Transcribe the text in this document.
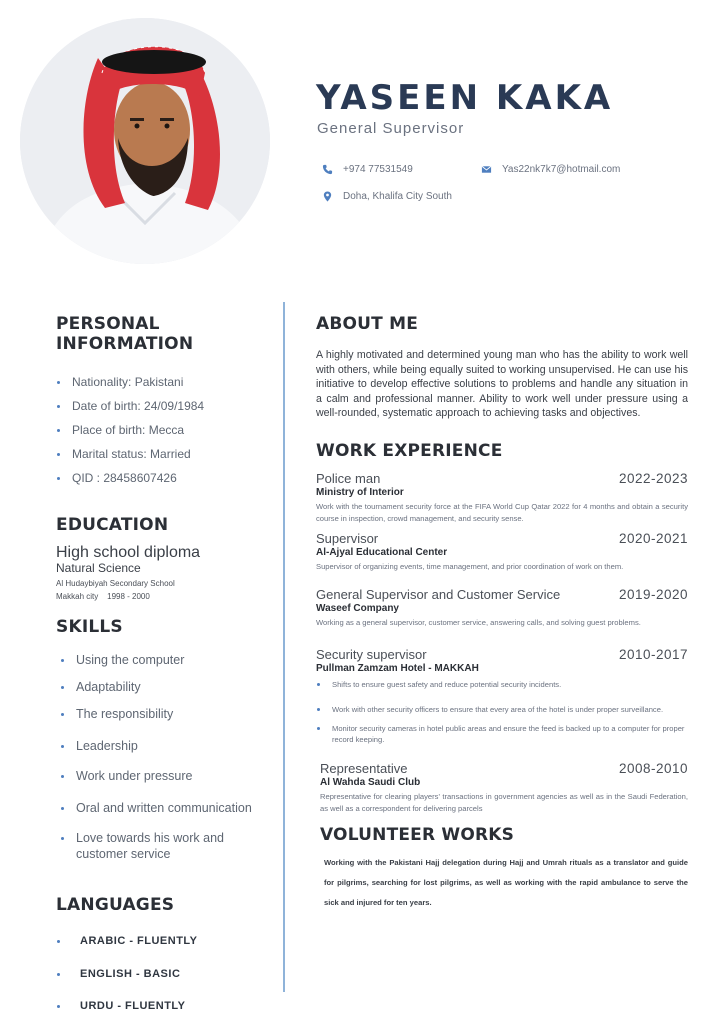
YASEEN KAKA
General Supervisor
+974 77531549	Yas22nk7k7@hotmail.com
Doha, Khalifa City South
PERSONAL INFORMATION
Nationality: Pakistani
Date of birth: 24/09/1984
Place of birth: Mecca
Marital status: Married
QID : 28458607426
EDUCATION
High school diploma
Natural Science
Al Hudaybiyah Secondary School
Makkah city    1998 - 2000
SKILLS
Using the computer
Adaptability
The responsibility
Leadership
Work under pressure
Oral and written communication
Love towards his work and customer service
LANGUAGES
ARABIC - FLUENTLY
ENGLISH - BASIC
URDU - FLUENTLY
ABOUT ME
A highly motivated and determined young man who has the ability to work well with others, while being equally suited to working unsupervised. He can use his initiative to develop effective solutions to problems and handle any situation in a calm and professional manner. Ability to work well under pressure using a well-rounded, systematic approach to achieving tasks and objectives.
WORK EXPERIENCE
Police man	2022-2023
Ministry of Interior
Work with the tournament security force at the FIFA World Cup Qatar 2022 for 4 months and obtain a security course in inspection, crowd management, and security sense.
Supervisor	2020-2021
Al-Ajyal Educational Center
Supervisor of organizing events, time management, and prior coordination of work on them.
General Supervisor and Customer Service	2019-2020
Waseef Company
Working as a general supervisor, customer service, answering calls, and solving guest problems.
Security supervisor	2010-2017
Pullman Zamzam Hotel - MAKKAH
Shifts to ensure guest safety and reduce potential security incidents.
Work with other security officers to ensure that every area of the hotel is under proper surveillance.
Monitor security cameras in hotel public areas and ensure the feed is backed up to a computer for proper record keeping.
Representative	2008-2010
Al Wahda Saudi Club
Representative for clearing players' transactions in government agencies as well as in the Saudi Federation, as well as a correspondent for delivering parcels
VOLUNTEER WORKS
Working with the Pakistani Hajj delegation during Hajj and Umrah rituals as a translator and guide for pilgrims, searching for lost pilgrims, as well as working with the rapid ambulance to serve the sick and injured for ten years.
